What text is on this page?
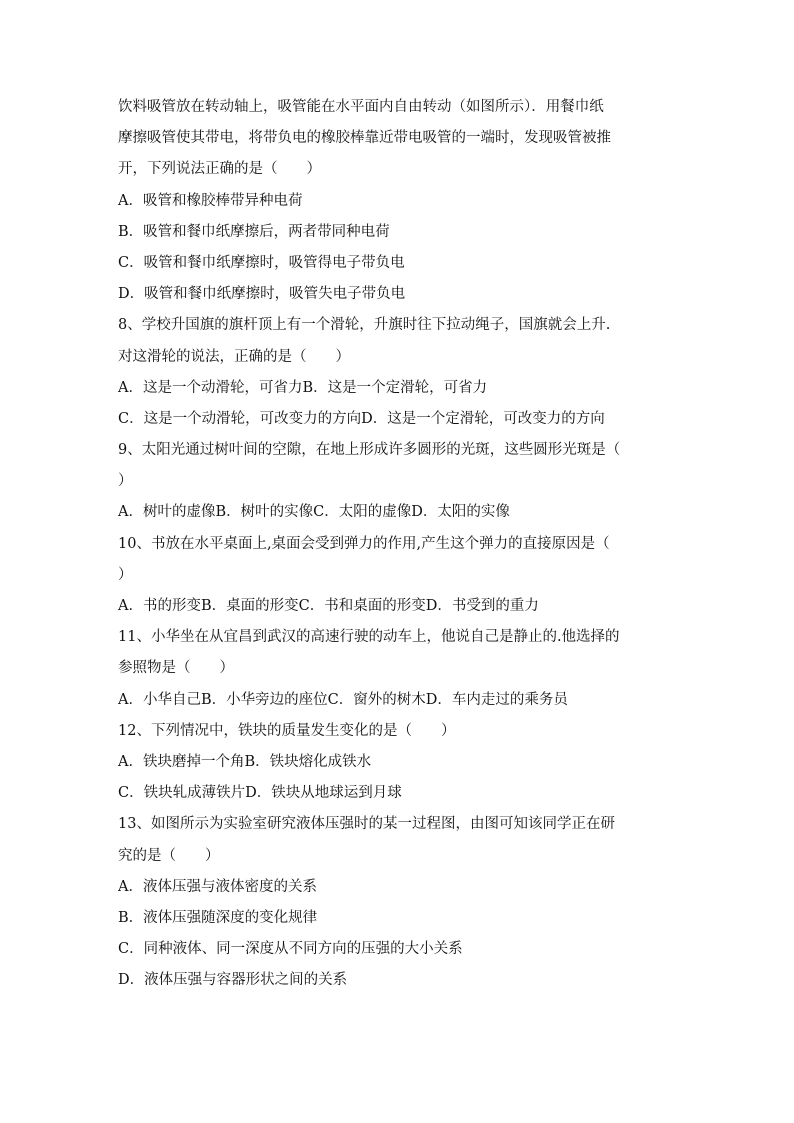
饮料吸管放在转动轴上，吸管能在水平面内自由转动（如图所示）．用餐巾纸
摩擦吸管使其带电，将带负电的橡胶棒靠近带电吸管的一端时，发现吸管被推
开，下列说法正确的是（　　）
A．吸管和橡胶棒带异种电荷
B．吸管和餐巾纸摩擦后，两者带同种电荷
C．吸管和餐巾纸摩擦时，吸管得电子带负电
D．吸管和餐巾纸摩擦时，吸管失电子带负电
8、学校升国旗的旗杆顶上有一个滑轮，升旗时往下拉动绳子，国旗就会上升.
对这滑轮的说法，正确的是（　　）
A．这是一个动滑轮，可省力B．这是一个定滑轮，可省力
C．这是一个动滑轮，可改变力的方向D．这是一个定滑轮，可改变力的方向
9、太阳光通过树叶间的空隙，在地上形成许多圆形的光斑，这些圆形光斑是（
）
A．树叶的虚像B．树叶的实像C．太阳的虚像D．太阳的实像
10、书放在水平桌面上,桌面会受到弹力的作用,产生这个弹力的直接原因是（
）
A．书的形变B．桌面的形变C．书和桌面的形变D．书受到的重力
11、小华坐在从宜昌到武汉的高速行驶的动车上，他说自己是静止的.他选择的
参照物是（　　）
A．小华自己B．小华旁边的座位C．窗外的树木D．车内走过的乘务员
12、下列情况中，铁块的质量发生变化的是（　　）
A．铁块磨掉一个角B．铁块熔化成铁水
C．铁块轧成薄铁片D．铁块从地球运到月球
13、如图所示为实验室研究液体压强时的某一过程图，由图可知该同学正在研
究的是（　　）
A．液体压强与液体密度的关系
B．液体压强随深度的变化规律
C．同种液体、同一深度从不同方向的压强的大小关系
D．液体压强与容器形状之间的关系
